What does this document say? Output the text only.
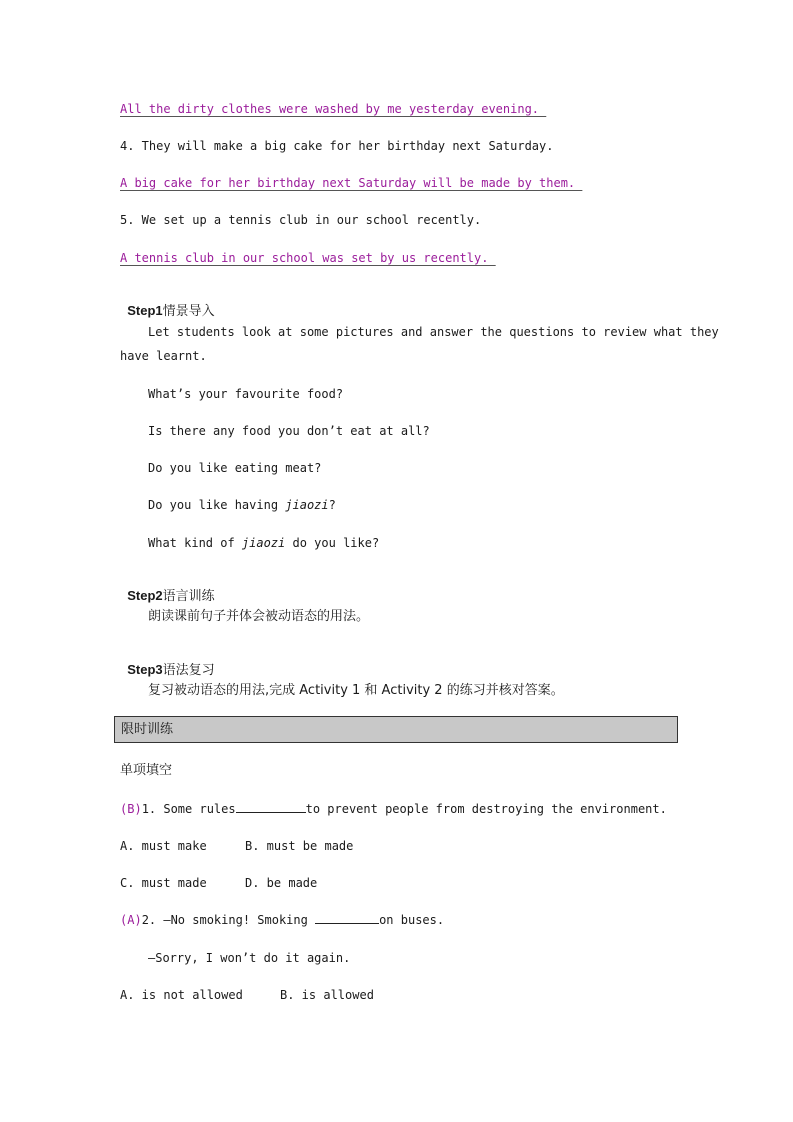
All the dirty clothes were washed by me yesterday evening.
4. They will make a big cake for her birthday next Saturday.
A big cake for her birthday next Saturday will be made by them.
5. We set up a tennis club in our school recently.
A tennis club in our school was set by us recently.

Step1情景导入

Let students look at some pictures and answer the questions to review what they
have learnt.
What’s your favourite food?
Is there any food you don’t eat at all?
Do you like eating meat?
Do you like having jiaozi?
What kind of jiaozi do you like?

Step2语言训练

朗读课前句子并体会被动语态的用法。

Step3语法复习

复习被动语态的用法,完成 Activity 1 和 Activity 2 的练习并核对答案。
限时训练
单项填空
(B)1. Some rules	to prevent people from destroying the environment.
A. must make	B. must be made
C. must made	D. be made
(A)2. —No smoking! Smoking	on buses.
—Sorry, I won’t do it again.
A. is not allowed	B. is allowed
